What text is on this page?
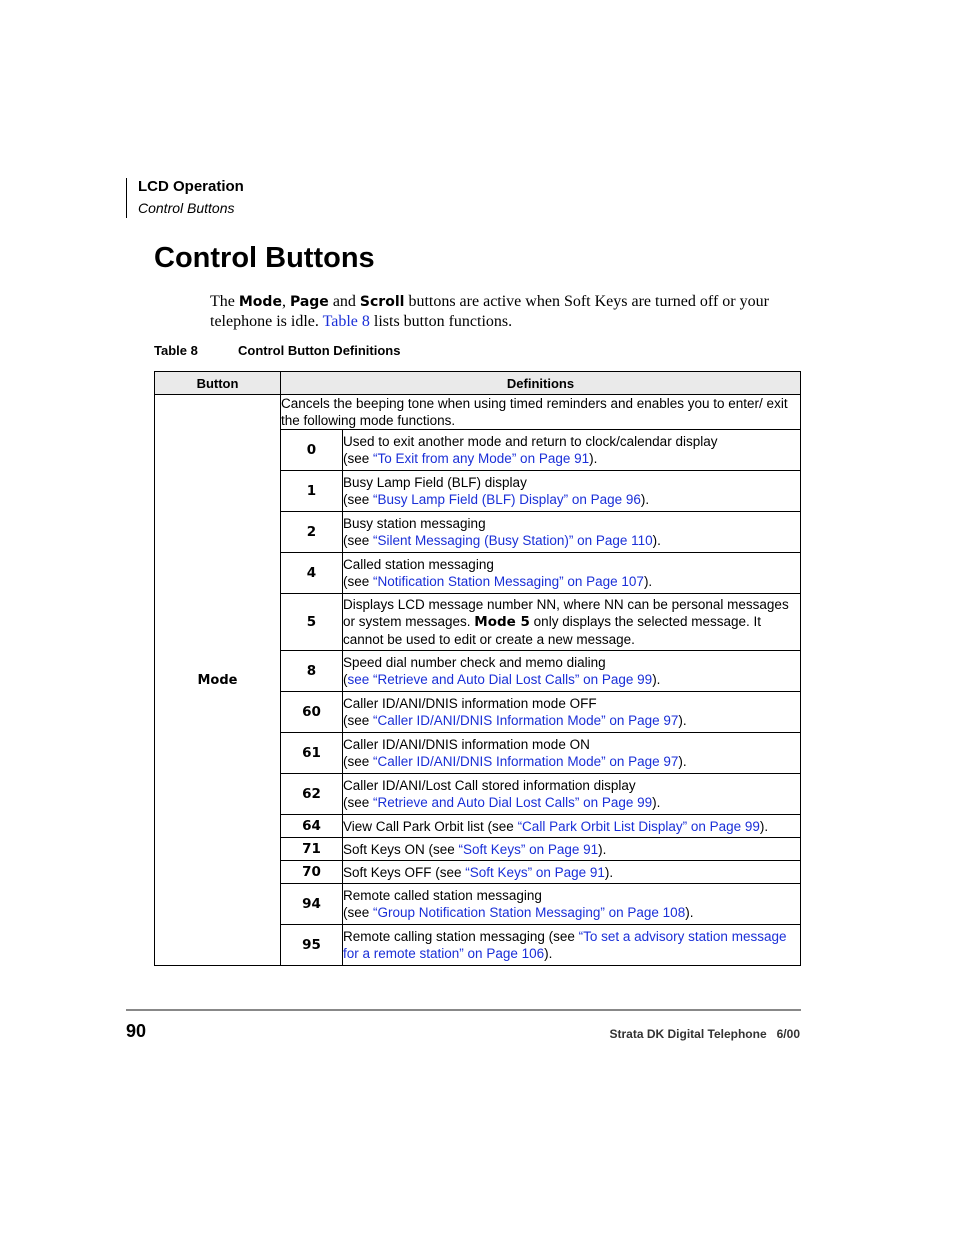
LCD Operation
Control Buttons
Control Buttons

The Mode, Page and Scroll buttons are active when Soft Keys are turned off or your telephone is idle. Table 8 lists button functions.

Table 8	Control Button Definitions
Button	Definitions	
Mode	Cancels the beeping tone when using timed reminders and enables you to enter/ exit the following mode functions.	
	0	Used to exit another mode and return to clock/calendar display
(see “To Exit from any Mode” on Page 91).
	1	Busy Lamp Field (BLF) display
(see “Busy Lamp Field (BLF) Display” on Page 96).
	2	Busy station messaging
(see “Silent Messaging (Busy Station)” on Page 110).
	4	Called station messaging
(see “Notification Station Messaging” on Page 107).
	5	Displays LCD message number NN, where NN can be personal messages or system messages. Mode 5 only displays the selected message. It cannot be used to edit or create a new message.
	8	Speed dial number check and memo dialing
(see “Retrieve and Auto Dial Lost Calls” on Page 99).
	60	Caller ID/ANI/DNIS information mode OFF
(see “Caller ID/ANI/DNIS Information Mode” on Page 97).
	61	Caller ID/ANI/DNIS information mode ON
(see “Caller ID/ANI/DNIS Information Mode” on Page 97).
	62	Caller ID/ANI/Lost Call stored information display
(see “Retrieve and Auto Dial Lost Calls” on Page 99).
	64	View Call Park Orbit list (see “Call Park Orbit List Display” on Page 99).
	71	Soft Keys ON (see “Soft Keys” on Page 91).
	70	Soft Keys OFF (see “Soft Keys” on Page 91).
	94	Remote called station messaging
(see “Group Notification Station Messaging” on Page 108).
	95	Remote calling station messaging (see “To set a advisory station message for a remote station” on Page 106).
90	Strata DK Digital Telephone   6/00
